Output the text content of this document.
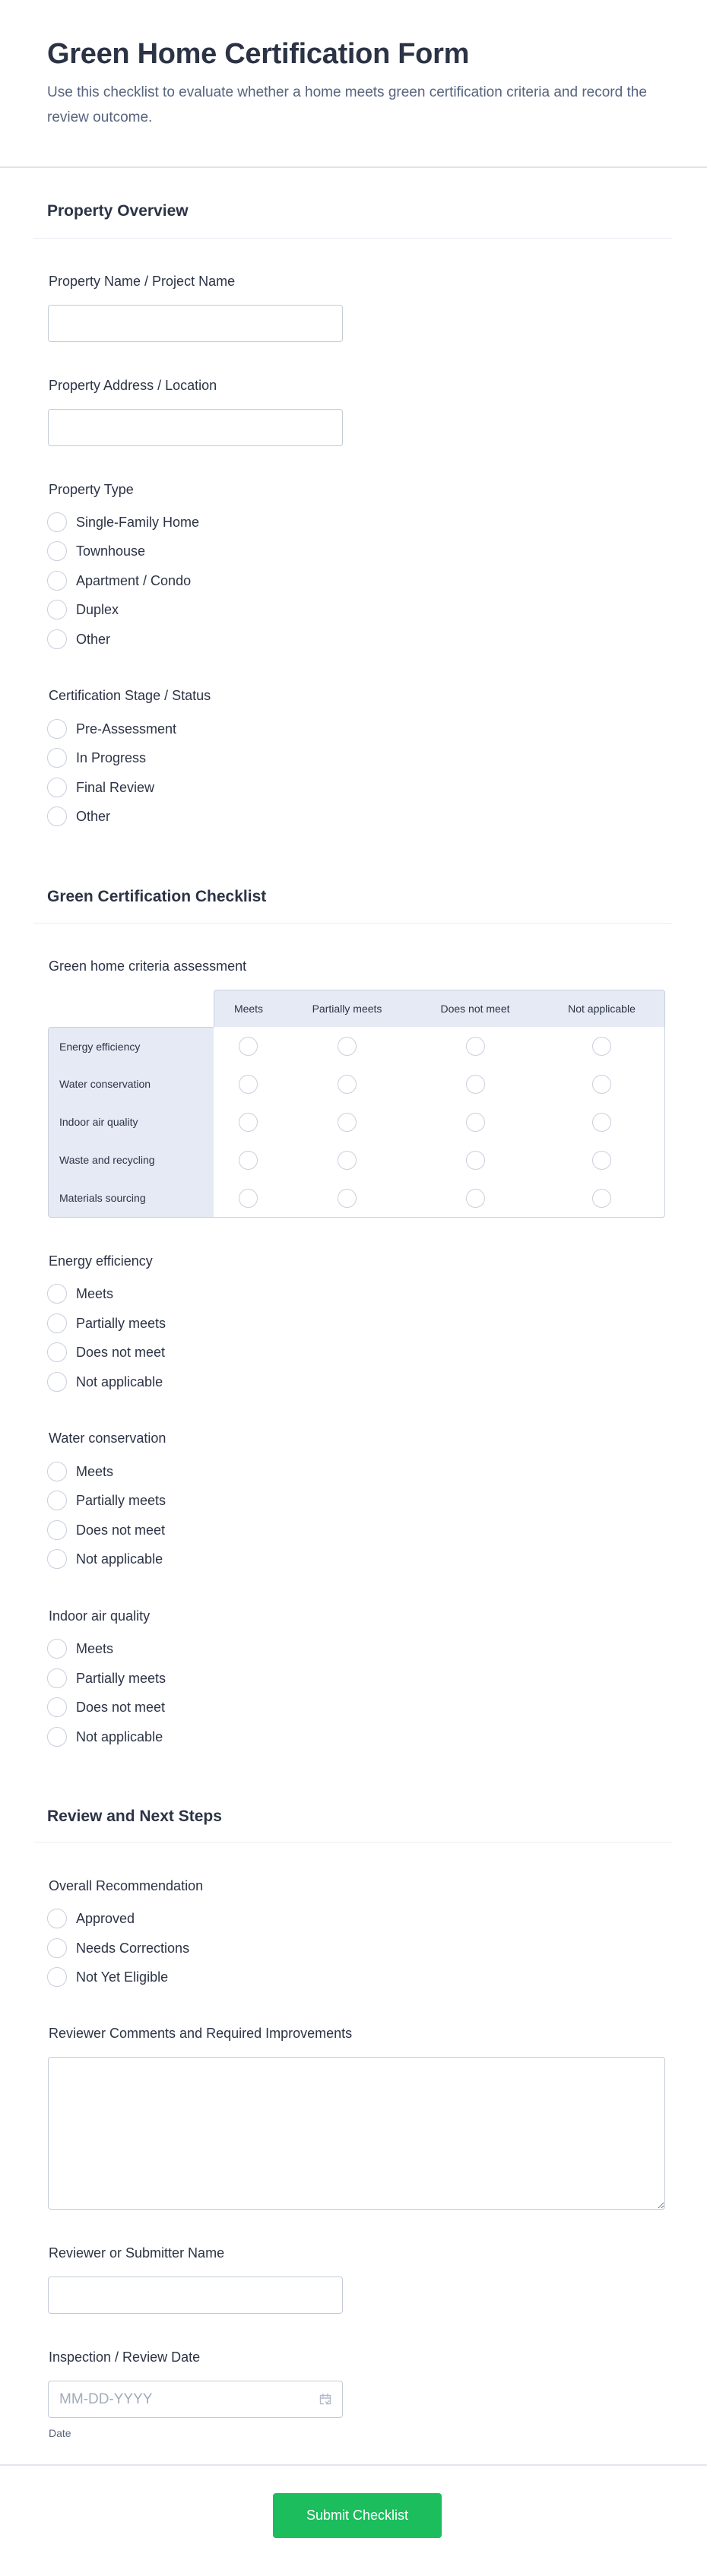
Green Home Certification Form

Use this checklist to evaluate whether a home meets green certification criteria and record the review outcome.

Property Overview
Property Name / Project Name
Property Address / Location
Property Type
Single-Family Home
Townhouse
Apartment / Condo
Duplex
Other
Certification Stage / Status
Pre-Assessment
In Progress
Final Review
Other
Green Certification Checklist
Green home criteria assessment
Meets	Partially meets	Does not meet	Not applicable
Energy efficiency
Water conservation
Indoor air quality
Waste and recycling
Materials sourcing
Energy efficiency
Meets
Partially meets
Does not meet
Not applicable
Water conservation
Meets
Partially meets
Does not meet
Not applicable
Indoor air quality
Meets
Partially meets
Does not meet
Not applicable
Review and Next Steps
Overall Recommendation
Approved
Needs Corrections
Not Yet Eligible
Reviewer Comments and Required Improvements
Reviewer or Submitter Name
Inspection / Review Date
MM-DD-YYYY
Date
Submit Checklist
